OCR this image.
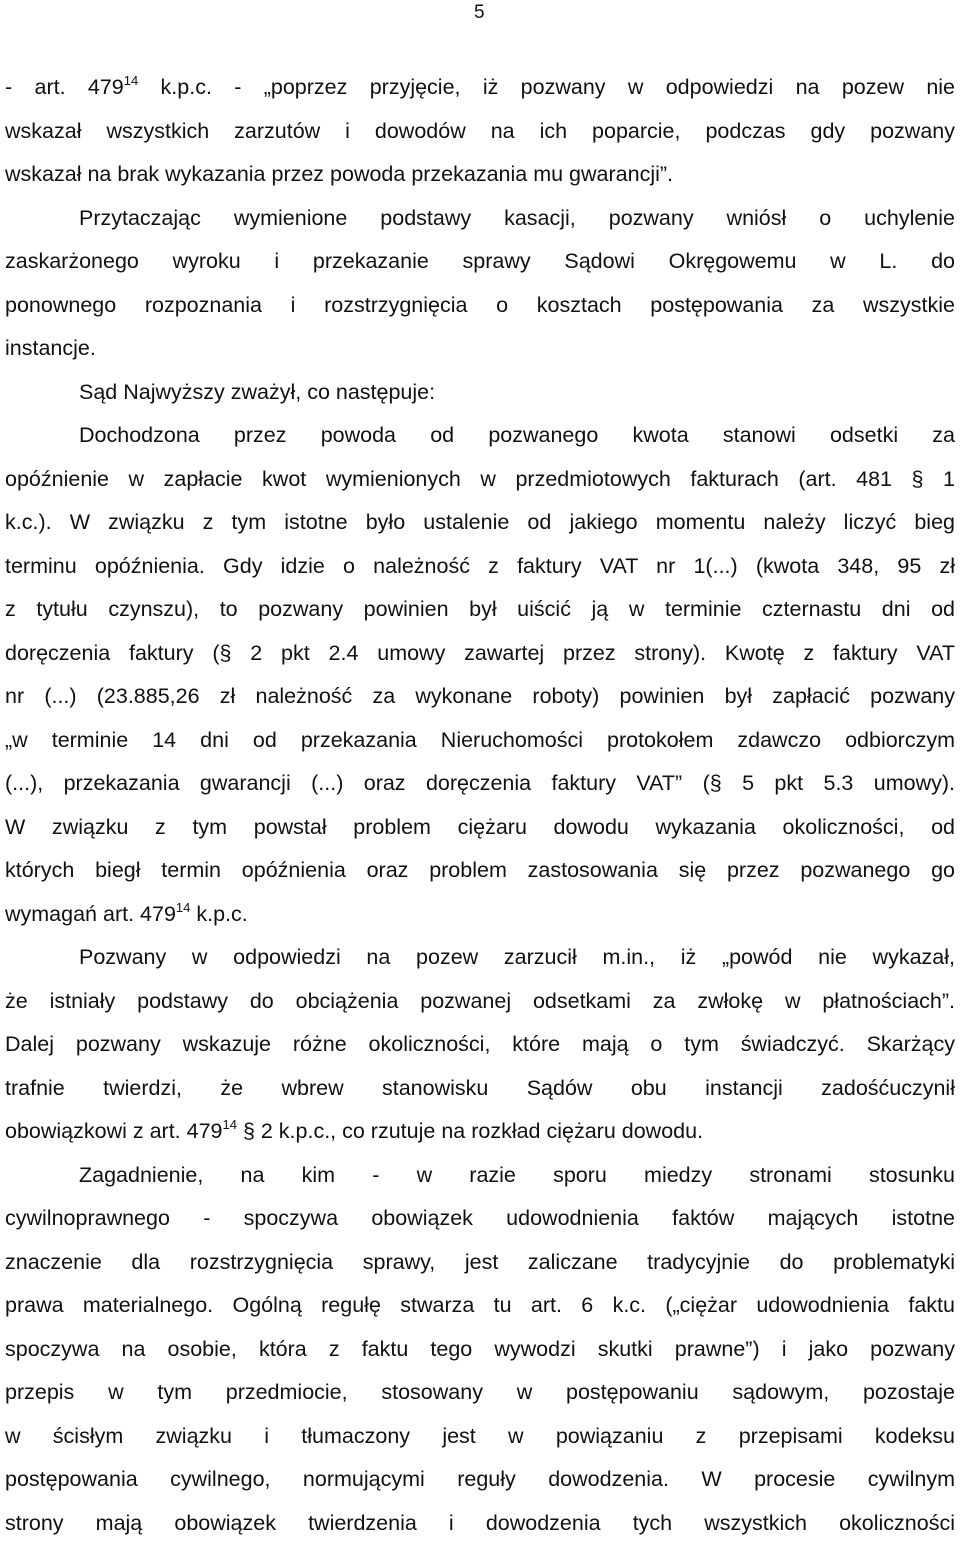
5
- art. $479^{14}$ k.p.c. - „poprzez przyjęcie, iż pozwany w odpowiedzi na pozew nie
wskazał wszystkich zarzutów i dowodów na ich poparcie, podczas gdy pozwany
wskazał na brak wykazania przez powoda przekazania mu gwarancji”.
Przytaczając wymienione podstawy kasacji, pozwany wniósł o uchylenie
zaskarżonego wyroku i przekazanie sprawy Sądowi Okręgowemu w L. do
ponownego rozpoznania i rozstrzygnięcia o kosztach postępowania za wszystkie
instancje.
Sąd Najwyższy zważył, co następuje:
Dochodzona przez powoda od pozwanego kwota stanowi odsetki za
opóźnienie w zapłacie kwot wymienionych w przedmiotowych fakturach (art. 481 § 1
k.c.). W związku z tym istotne było ustalenie od jakiego momentu należy liczyć bieg
terminu opóźnienia. Gdy idzie o należność z faktury VAT nr 1(...) (kwota 348, 95 zł
z tytułu czynszu), to pozwany powinien był uiścić ją w terminie czternastu dni od
doręczenia faktury (§ 2 pkt 2.4 umowy zawartej przez strony). Kwotę z faktury VAT
nr (...) (23.885,26 zł należność za wykonane roboty) powinien był zapłacić pozwany
„w terminie 14 dni od przekazania Nieruchomości protokołem zdawczo odbiorczym
(...), przekazania gwarancji (...) oraz doręczenia faktury VAT” (§ 5 pkt 5.3 umowy).
W związku z tym powstał problem ciężaru dowodu wykazania okoliczności, od
których biegł termin opóźnienia oraz problem zastosowania się przez pozwanego go
wymagań art. $479^{14}$ k.p.c.
Pozwany w odpowiedzi na pozew zarzucił m.in., iż „powód nie wykazał,
że istniały podstawy do obciążenia pozwanej odsetkami za zwłokę w płatnościach”.
Dalej pozwany wskazuje różne okoliczności, które mają o tym świadczyć. Skarżący
trafnie twierdzi, że wbrew stanowisku Sądów obu instancji zadośćuczynił
obowiązkowi z art. $479^{14}$ § 2 k.p.c., co rzutuje na rozkład ciężaru dowodu.
Zagadnienie, na kim - w razie sporu miedzy stronami stosunku
cywilnoprawnego - spoczywa obowiązek udowodnienia faktów mających istotne
znaczenie dla rozstrzygnięcia sprawy, jest zaliczane tradycyjnie do problematyki
prawa materialnego. Ogólną regułę stwarza tu art. 6 k.c. („ciężar udowodnienia faktu
spoczywa na osobie, która z faktu tego wywodzi skutki prawne”) i jako pozwany
przepis w tym przedmiocie, stosowany w postępowaniu sądowym, pozostaje
w ścisłym związku i tłumaczony jest w powiązaniu z przepisami kodeksu
postępowania cywilnego, normującymi reguły dowodzenia. W procesie cywilnym
strony mają obowiązek twierdzenia i dowodzenia tych wszystkich okoliczności
